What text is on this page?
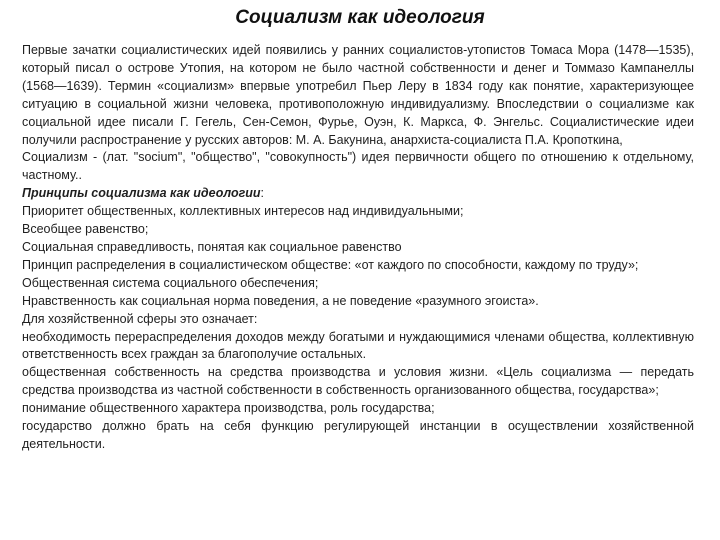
Социализм как идеология

Первые зачатки социалистических идей появились у ранних социалистов-утопистов Томаса Мора (1478—1535), который писал о острове Утопия, на котором не было частной собственности и денег и Томмазо Кампанеллы (1568—1639). Термин «социализм» впервые употребил Пьер Леру в 1834 году как понятие, характеризующее ситуацию в социальной жизни человека, противоположную индивидуализму. Впоследствии о социализме как социальной идее писали Г. Гегель, Сен-Семон, Фурье, Оуэн, К. Маркса, Ф. Энгельс. Социалистические идеи получили распространение у русских авторов: М. А. Бакунина, анархиста-социалиста П.А. Кропоткина,

Социализм - (лат. "socium", "общество", "совокупность") идея первичности общего по отношению к отдельному, частному..

Принципы социализма как идеологии:

Приоритет общественных, коллективных интересов над индивидуальными;

Всеобщее равенство;

Социальная справедливость, понятая как социальное равенство

Принцип распределения в социалистическом обществе: «от каждого по способности, каждому по труду»;

Общественная система социального обеспечения;

Нравственность как социальная норма поведения, а не поведение «разумного эгоиста».

Для хозяйственной сферы это означает:

необходимость перераспределения доходов между богатыми и нуждающимися членами общества, коллективную ответственность всех граждан за благополучие остальных.

общественная собственность на средства производства и условия жизни. «Цель социализма — передать средства производства из частной собственности в собственность организованного общества, государства»;

понимание общественного характера производства, роль государства;

государство должно брать на себя функцию регулирующей инстанции в осуществлении хозяйственной деятельности.
